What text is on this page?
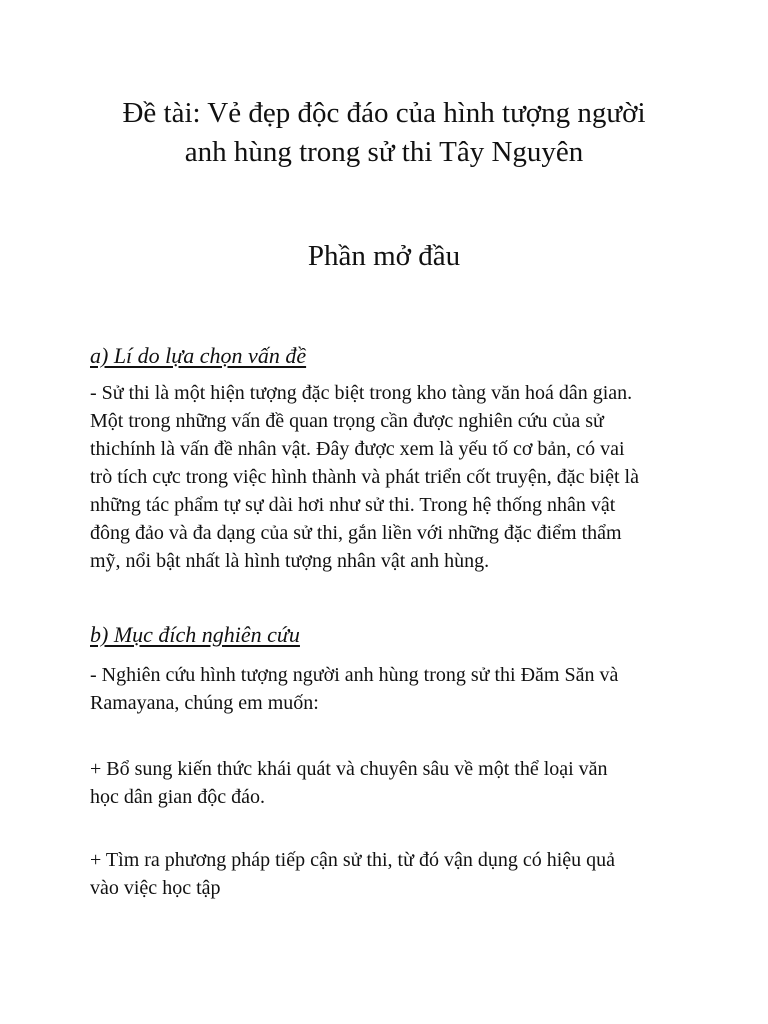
Đề tài: Vẻ đẹp độc đáo của hình tượng người
anh hùng trong sử thi Tây Nguyên
Phần mở đầu
a) Lí do lựa chọn vấn đề
- Sử thi là một hiện tượng đặc biệt trong kho tàng văn hoá dân gian.
Một trong những vấn đề quan trọng cần được nghiên cứu của sử
thichính là vấn đề nhân vật. Đây được xem là yếu tố cơ bản, có vai
trò tích cực trong việc hình thành và phát triển cốt truyện, đặc biệt là
những tác phẩm tự sự dài hơi như sử thi. Trong hệ thống nhân vật
đông đảo và đa dạng của sử thi, gắn liền với những đặc điểm thẩm
mỹ, nổi bật nhất là hình tượng nhân vật anh hùng.
b) Mục đích nghiên cứu
- Nghiên cứu hình tượng người anh hùng trong sử thi Đăm Săn và
Ramayana, chúng em muốn:
+ Bổ sung kiến thức khái quát và chuyên sâu về một thể loại văn
học dân gian độc đáo.
+ Tìm ra phương pháp tiếp cận sử thi, từ đó vận dụng có hiệu quả
vào việc học tập
